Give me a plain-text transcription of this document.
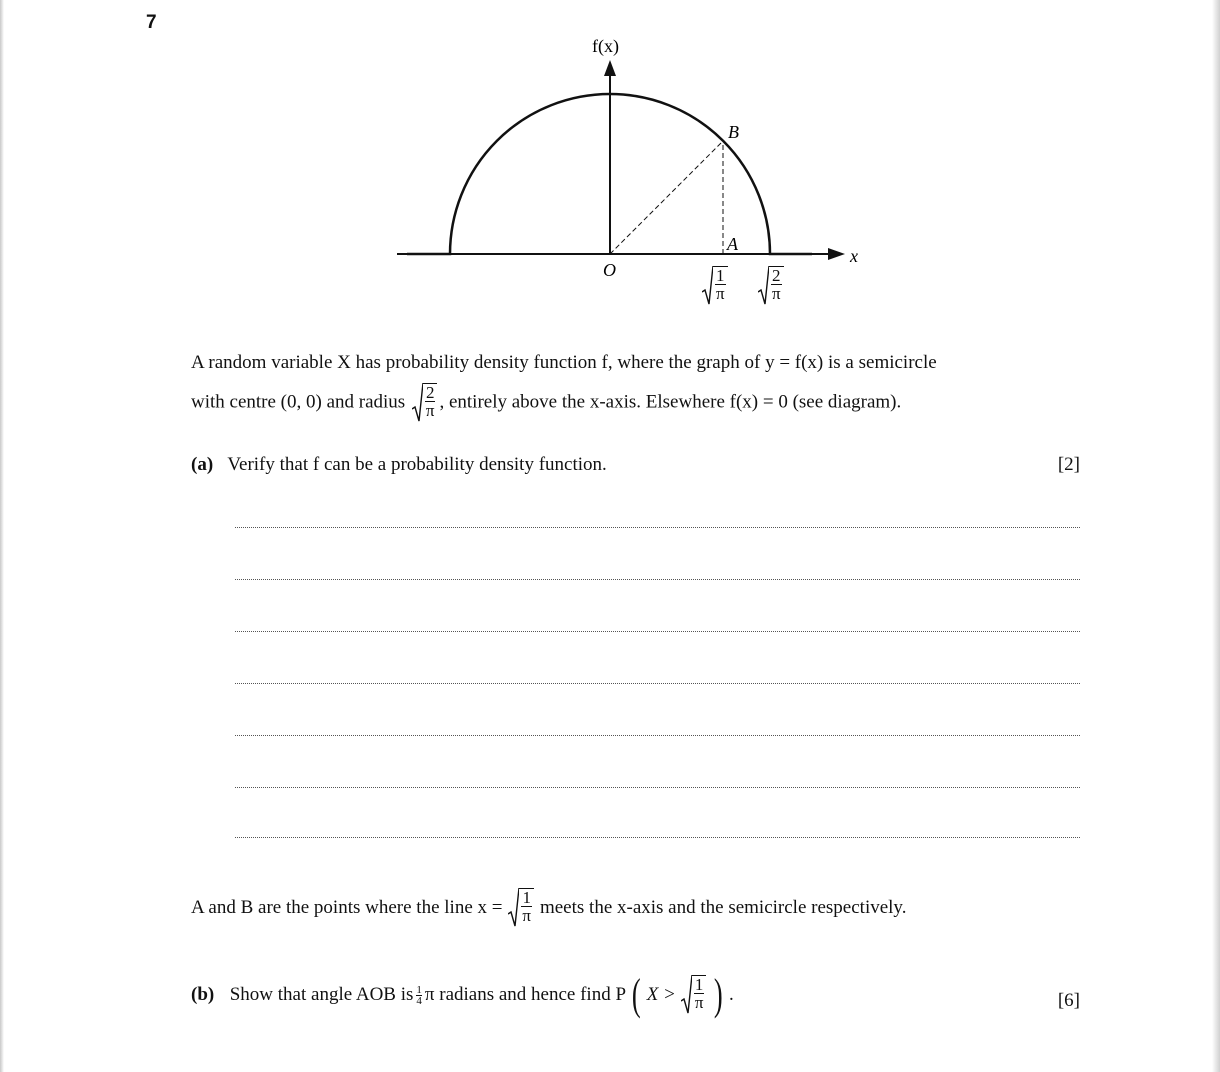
7
f(x)
x
O
A
B
$\frac{1}{\pi} \frac{2}{\pi}$
A random variable X has probability density function f, where the graph of y = f(x) is a semicircle
with centre (0, 0) and radius $\frac{2}{\pi}$ , entirely above the x-axis. Elsewhere f(x) = 0 (see diagram).
(a) Verify that f can be a probability density function.	[2]
A and B are the points where the line $x = \frac{1}{\pi}$ meets the x-axis and the semicircle respectively.
(b)
Show that angle AOB is $\frac{1}{4}$ π radians and hence find P ( $X > \frac{1}{\pi}$ ) .	[6]
